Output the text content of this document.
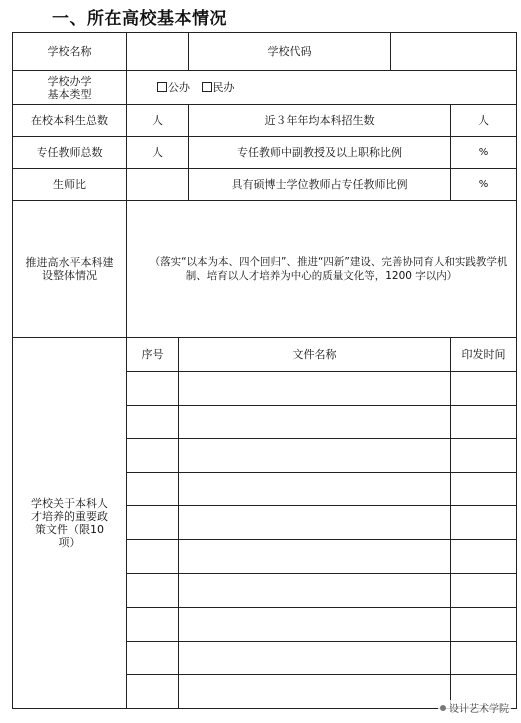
一、所在高校基本情况
学校名称			学校代码		

学校办学
基本类型	公办 民办				
在校本科生总数	人		近３年年均本科招生数		人
专任教师总数	人		专任教师中副教授及以上职称比例		%
生师比			具有硕博士学位教师占专任教师比例		%
推进高水平本科建设整体情况	（落实“以本为本、四个回归”、推进“四新”建设、完善协同育人和实践教学机制、培育以人才培养为中心的质量文化等，1200 字以内）				

学校关于本科人才培养的重要政策文件（限10项）	序号	文件名称			印发时间

设计艺术学院
